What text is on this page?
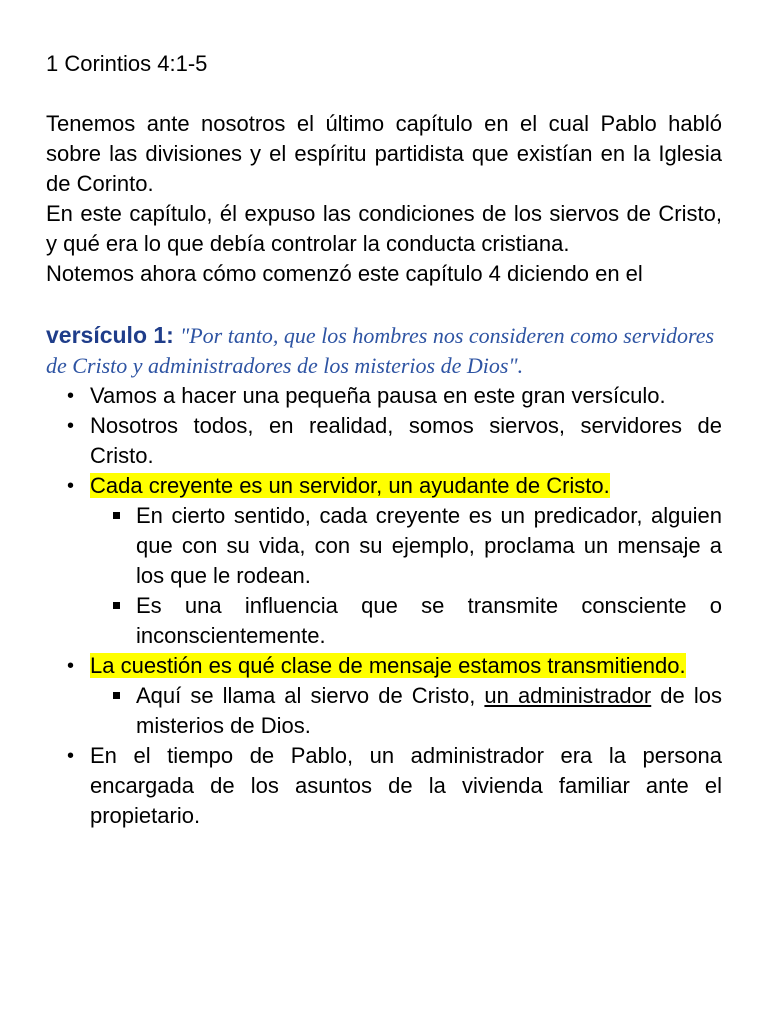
1 Corintios 4:1-5

Tenemos ante nosotros el último capítulo en el cual Pablo habló sobre las divisiones y el espíritu partidista que existían en la Iglesia de Corinto.

En este capítulo, él expuso las condiciones de los siervos de Cristo, y qué era lo que debía controlar la conducta cristiana.

Notemos ahora cómo comenzó este capítulo 4 diciendo en el

versículo 1: "Por tanto, que los hombres nos consideren como servidores de Cristo y administradores de los misterios de Dios".
• Vamos a hacer una pequeña pausa en este gran versículo.
• Nosotros todos, en realidad, somos siervos, servidores de Cristo.
• Cada creyente es un servidor, un ayudante de Cristo.
En cierto sentido, cada creyente es un predicador, alguien que con su vida, con su ejemplo, proclama un mensaje a los que le rodean.
Es una influencia que se transmite consciente o inconscientemente.
• La cuestión es qué clase de mensaje estamos transmitiendo.
Aquí se llama al siervo de Cristo, un administrador de los misterios de Dios.
• En el tiempo de Pablo, un administrador era la persona encargada de los asuntos de la vivienda familiar ante el propietario.
